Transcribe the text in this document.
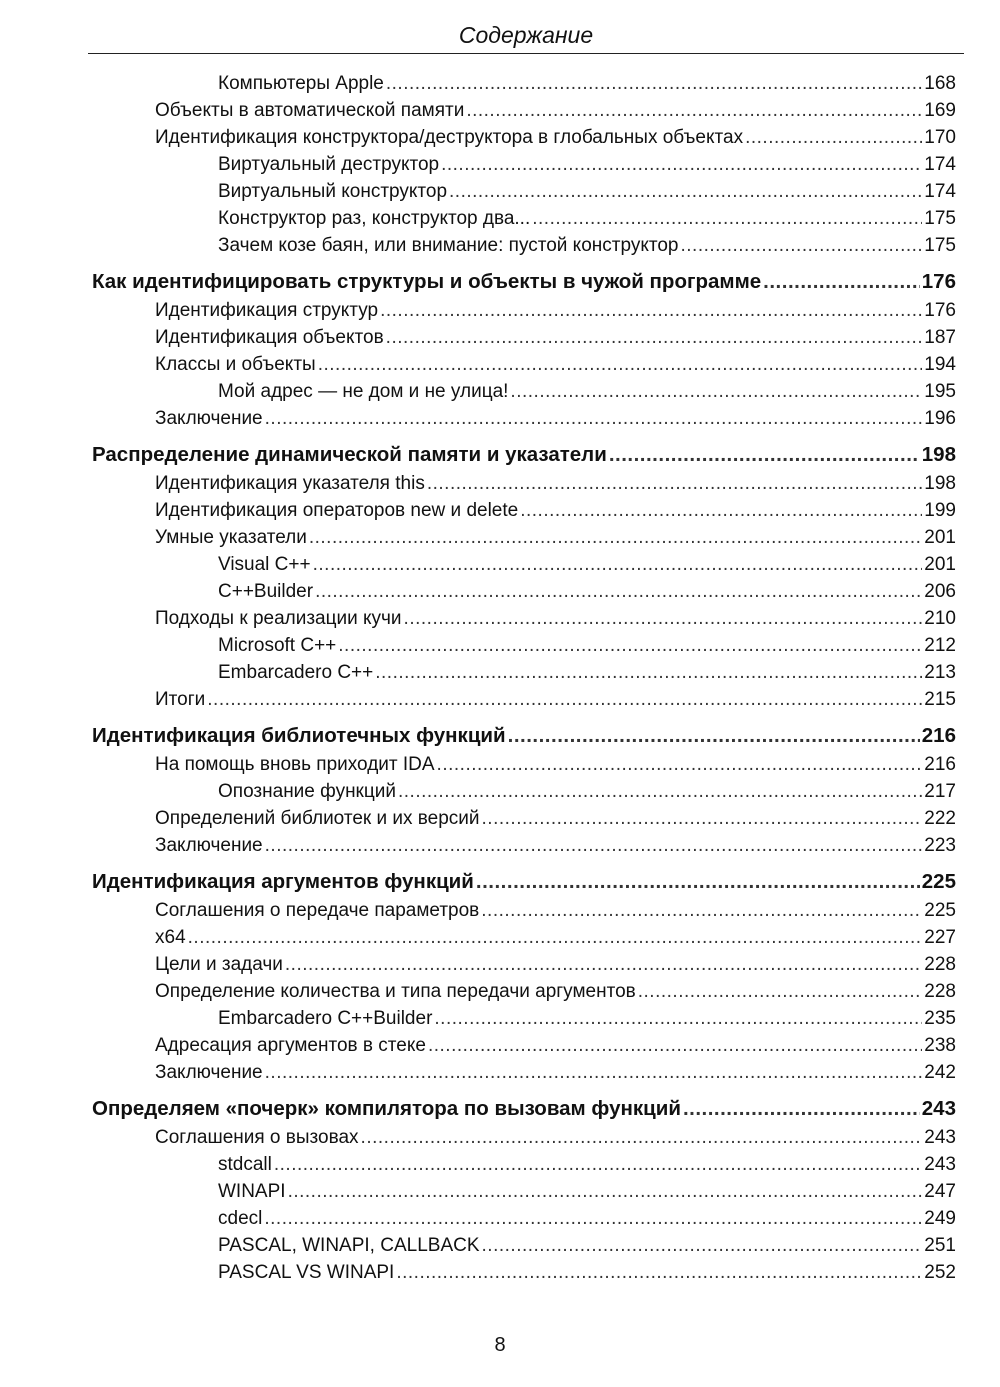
Содержание
Компьютеры Apple .....	168
Объекты в автоматической памяти .....	169
Идентификация конструктора/деструктора в глобальных объектах .....	170
Виртуальный деструктор .....	174
Виртуальный конструктор .....	174
Конструктор раз, конструктор два... .....	175
Зачем козе баян, или внимание: пустой конструктор .....	175
Как идентифицировать структуры и объекты в чужой программе .....	176
Идентификация структур .....	176
Идентификация объектов .....	187
Классы и объекты .....	194
Мой адрес — не дом и не улица! .....	195
Заключение .....	196
Распределение динамической памяти и указатели .....	198
Идентификация указателя this .....	198
Идентификация операторов new и delete .....	199
Умные указатели .....	201
Visual C++ .....	201
C++Builder .....	206
Подходы к реализации кучи .....	210
Microsoft C++ .....	212
Embarcadero C++ .....	213
Итоги .....	215
Идентификация библиотечных функций .....	216
На помощь вновь приходит IDA .....	216
Опознание функций .....	217
Определений библиотек и их версий .....	222
Заключение .....	223
Идентификация аргументов функций .....	225
Соглашения о передаче параметров .....	225
x64 .....	227
Цели и задачи .....	228
Определение количества и типа передачи аргументов .....	228
Embarcadero C++Builder .....	235
Адресация аргументов в стеке .....	238
Заключение .....	242
Определяем «почерк» компилятора по вызовам функций .....	243
Соглашения о вызовах .....	243
stdcall .....	243
WINAPI .....	247
cdecl .....	249
PASCAL, WINAPI, CALLBACK .....	251
PASCAL VS WINAPI .....	252
8
